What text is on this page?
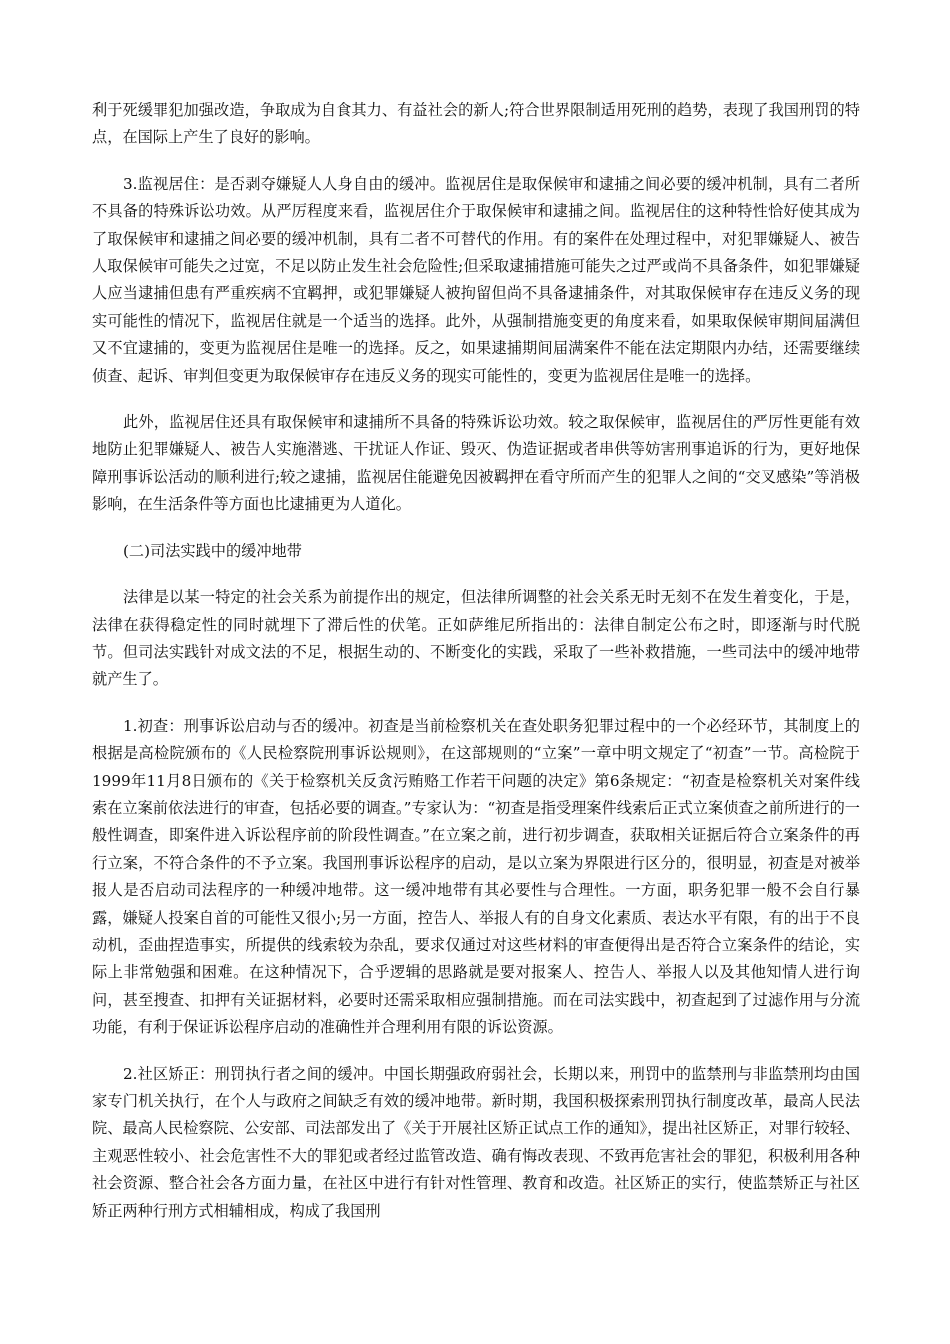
利于死缓罪犯加强改造，争取成为自食其力、有益社会的新人;符合世界限制适用死刑的趋势，表现了我国刑罚的特点，在国际上产生了良好的影响。

3.监视居住：是否剥夺嫌疑人人身自由的缓冲。监视居住是取保候审和逮捕之间必要的缓冲机制，具有二者所不具备的特殊诉讼功效。从严厉程度来看，监视居住介于取保候审和逮捕之间。监视居住的这种特性恰好使其成为了取保候审和逮捕之间必要的缓冲机制，具有二者不可替代的作用。有的案件在处理过程中，对犯罪嫌疑人、被告人取保候审可能失之过宽，不足以防止发生社会危险性;但采取逮捕措施可能失之过严或尚不具备条件，如犯罪嫌疑人应当逮捕但患有严重疾病不宜羁押，或犯罪嫌疑人被拘留但尚不具备逮捕条件，对其取保候审存在违反义务的现实可能性的情况下，监视居住就是一个适当的选择。此外，从强制措施变更的角度来看，如果取保候审期间届满但又不宜逮捕的，变更为监视居住是唯一的选择。反之，如果逮捕期间届满案件不能在法定期限内办结，还需要继续侦查、起诉、审判但变更为取保候审存在违反义务的现实可能性的，变更为监视居住是唯一的选择。

此外，监视居住还具有取保候审和逮捕所不具备的特殊诉讼功效。较之取保候审，监视居住的严厉性更能有效地防止犯罪嫌疑人、被告人实施潜逃、干扰证人作证、毁灭、伪造证据或者串供等妨害刑事追诉的行为，更好地保障刑事诉讼活动的顺利进行;较之逮捕，监视居住能避免因被羁押在看守所而产生的犯罪人之间的“交叉感染”等消极影响，在生活条件等方面也比逮捕更为人道化。

(二)司法实践中的缓冲地带

法律是以某一特定的社会关系为前提作出的规定，但法律所调整的社会关系无时无刻不在发生着变化，于是，法律在获得稳定性的同时就埋下了滞后性的伏笔。正如萨维尼所指出的：法律自制定公布之时，即逐渐与时代脱节。但司法实践针对成文法的不足，根据生动的、不断变化的实践，采取了一些补救措施，一些司法中的缓冲地带就产生了。

1.初查：刑事诉讼启动与否的缓冲。初查是当前检察机关在查处职务犯罪过程中的一个必经环节，其制度上的根据是高检院颁布的《人民检察院刑事诉讼规则》，在这部规则的“立案”一章中明文规定了“初查”一节。高检院于1999年11月8日颁布的《关于检察机关反贪污贿赂工作若干问题的决定》第6条规定：“初查是检察机关对案件线索在立案前依法进行的审查，包括必要的调查。”专家认为：“初查是指受理案件线索后正式立案侦查之前所进行的一般性调查，即案件进入诉讼程序前的阶段性调查。”在立案之前，进行初步调查，获取相关证据后符合立案条件的再行立案，不符合条件的不予立案。我国刑事诉讼程序的启动，是以立案为界限进行区分的，很明显，初查是对被举报人是否启动司法程序的一种缓冲地带。这一缓冲地带有其必要性与合理性。一方面，职务犯罪一般不会自行暴露，嫌疑人投案自首的可能性又很小;另一方面，控告人、举报人有的自身文化素质、表达水平有限，有的出于不良动机，歪曲捏造事实，所提供的线索较为杂乱，要求仅通过对这些材料的审查便得出是否符合立案条件的结论，实际上非常勉强和困难。在这种情况下，合乎逻辑的思路就是要对报案人、控告人、举报人以及其他知情人进行询问，甚至搜查、扣押有关证据材料，必要时还需采取相应强制措施。而在司法实践中，初查起到了过滤作用与分流功能，有利于保证诉讼程序启动的准确性并合理利用有限的诉讼资源。

2.社区矫正：刑罚执行者之间的缓冲。中国长期强政府弱社会，长期以来，刑罚中的监禁刑与非监禁刑均由国家专门机关执行，在个人与政府之间缺乏有效的缓冲地带。新时期，我国积极探索刑罚执行制度改革，最高人民法院、最高人民检察院、公安部、司法部发出了《关于开展社区矫正试点工作的通知》，提出社区矫正，对罪行较轻、主观恶性较小、社会危害性不大的罪犯或者经过监管改造、确有悔改表现、不致再危害社会的罪犯，积极利用各种社会资源、整合社会各方面力量，在社区中进行有针对性管理、教育和改造。社区矫正的实行，使监禁矫正与社区矫正两种行刑方式相辅相成，构成了我国刑
